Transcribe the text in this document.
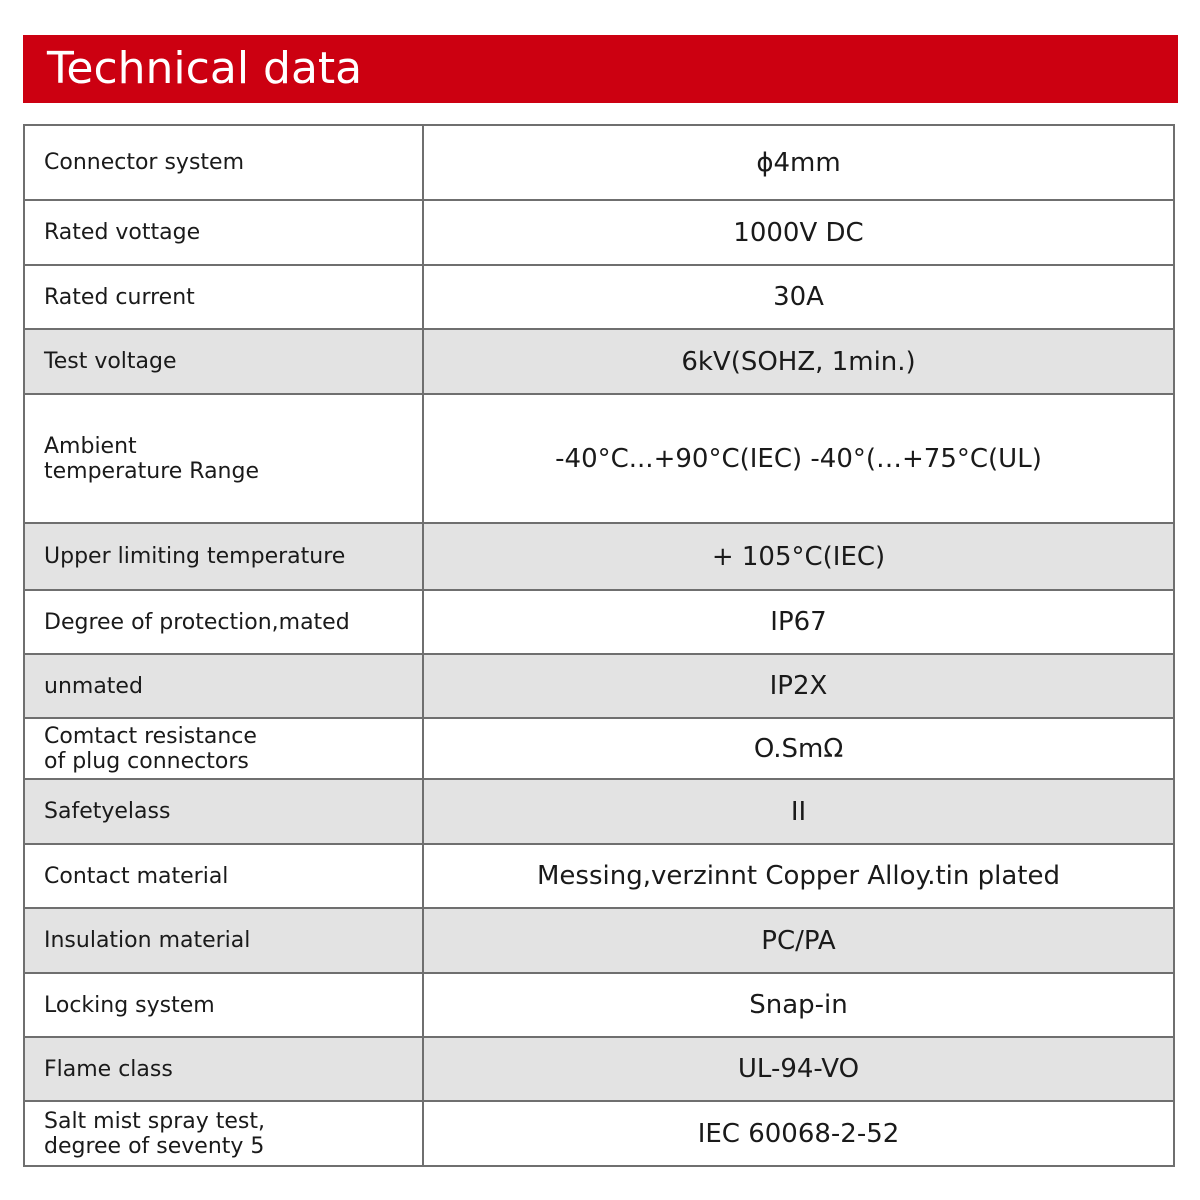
Technical data
Connector system	ϕ4mm
Rated vottage	1000V DC
Rated current	30A
Test voltage	6kV(SOHZ, 1min.)
Ambient
temperature Range	-40°C...+90°C(IEC) -40°(…+75°C(UL)
Upper limiting temperature	+ 105°C(IEC)
Degree of protection,mated	IP67
unmated	IP2X
Comtact resistance
of plug connectors	O.SmΩ
Safetyelass	II
Contact material	Messing,verzinnt Copper Alloy.tin plated
Insulation material	PC/PA
Locking system	Snap-in
Flame class	UL-94-VO
Salt mist spray test,
degree of seventy 5	IEC 60068-2-52
